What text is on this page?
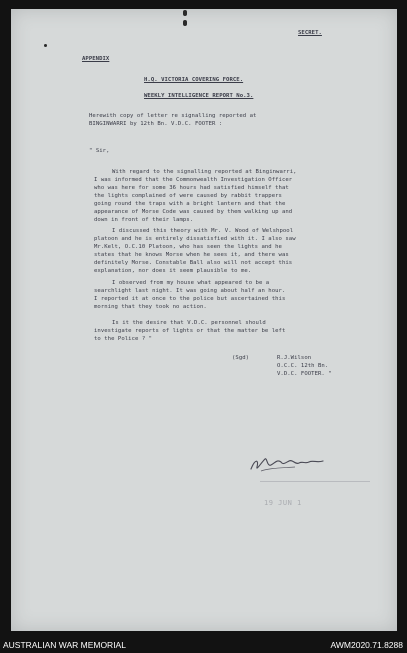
SECRET.
APPENDIX
H.Q. VICTORIA COVERING FORCE.
WEEKLY INTELLIGENCE REPORT No.3.
Herewith copy of letter re signalling reported at
BINGINWARRI by 12th Bn. V.D.C. FOOTER :
" Sir,
With regard to the signalling reported at Binginwarri,
I was informed that the Commonwealth Investigation Officer
who was here for some 36 hours had satisfied himself that
the lights complained of were caused by rabbit trappers
going round the traps with a bright lantern and that the
appearance of Morse Code was caused by them walking up and
down in front of their lamps.
I discussed this theory with Mr. V. Wood of Welshpool
platoon and he is entirely dissatisfied with it. I also saw
Mr.Kelt, O.C.10 Platoon, who has seen the lights and he
states that he knows Morse when he sees it, and there was
definitely Morse. Constable Ball also will not accept this
explanation, nor does it seem plausible to me.
I observed from my house what appeared to be a
searchlight last night. It was going about half an hour.
I reported it at once to the police but ascertained this
morning that they took no action.
Is it the desire that V.D.C. personnel should
investigate reports of lights or that the matter be left
to the Police ? "
(Sgd)	R.J.Wilson
O.C.C. 12th Bn.
V.D.C. FOOTER. "
19 JUN 1
AUSTRALIAN WAR MEMORIAL	AWM2020.71.8288
